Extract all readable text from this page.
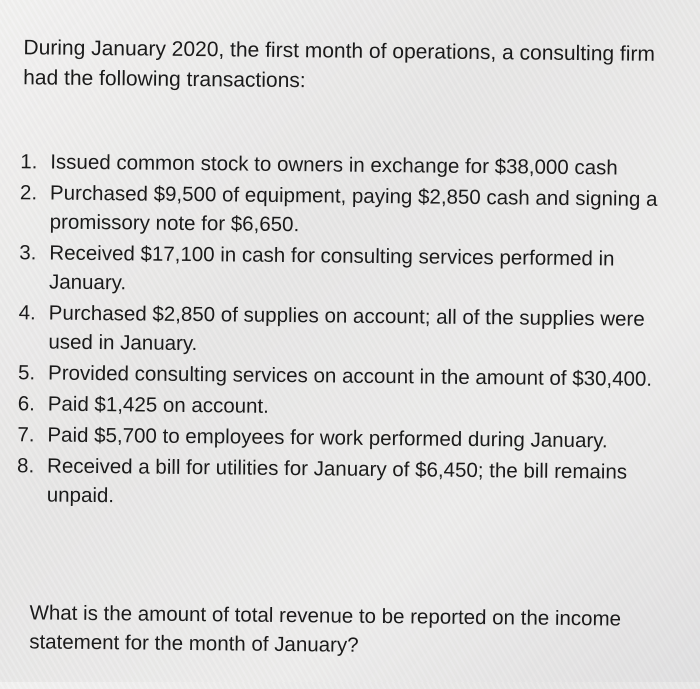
During January 2020, the first month of operations, a consulting firm had the following transactions:

1. Issued common stock to owners in exchange for $38,000 cash
2. Purchased $9,500 of equipment, paying $2,850 cash and signing a promissory note for $6,650.
3. Received $17,100 in cash for consulting services performed in January.
4. Purchased $2,850 of supplies on account; all of the supplies were used in January.
5. Provided consulting services on account in the amount of $30,400.
6. Paid $1,425 on account.
7. Paid $5,700 to employees for work performed during January.
8. Received a bill for utilities for January of $6,450; the bill remains unpaid.

What is the amount of total revenue to be reported on the income statement for the month of January?
